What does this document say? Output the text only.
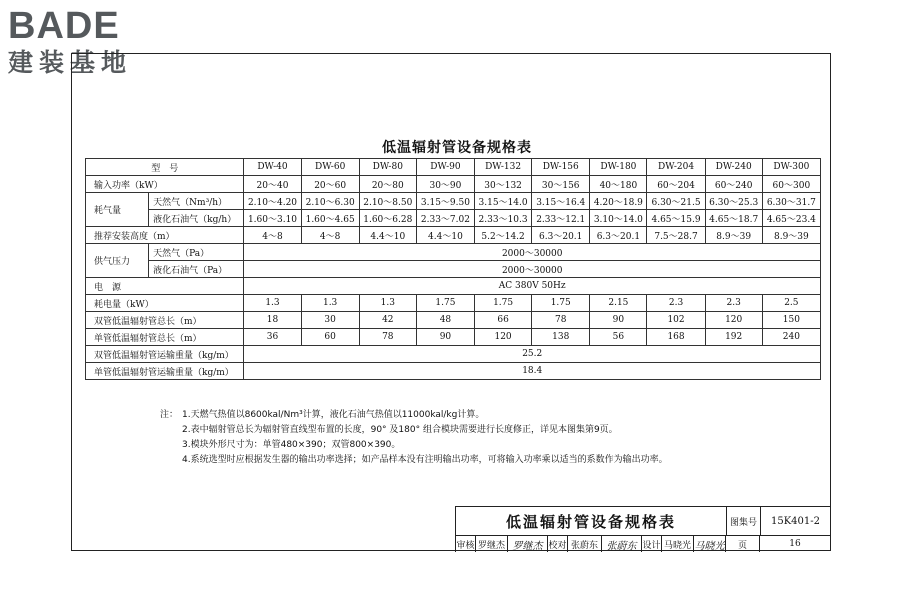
BADE
建装基地
低温辐射管设备规格表
型　号		DW-40	DW-60	DW-80	DW-90	DW-132	DW-156	DW-180	DW-204	DW-240	DW-300
输入功率（kW）		20～40	20～60	20～80	30～90	30～132	30～156	40～180	60～204	60～240	60～300
耗气量	天然气（Nm³/h）	2.10～4.20	2.10～6.30	2.10～8.50	3.15～9.50	3.15～14.0	3.15～16.4	4.20～18.9	6.30～21.5	6.30～25.3	6.30～31.7
	液化石油气（kg/h）	1.60～3.10	1.60～4.65	1.60～6.28	2.33～7.02	2.33～10.3	2.33～12.1	3.10～14.0	4.65～15.9	4.65～18.7	4.65～23.4
推荐安装高度（m）		4～8	4～8	4.4～10	4.4～10	5.2～14.2	6.3～20.1	6.3～20.1	7.5～28.7	8.9～39	8.9～39
供气压力	天然气（Pa）	2000～30000									
	液化石油气（Pa）	2000～30000									
电　源		AC 380V 50Hz									
耗电量（kW）		1.3	1.3	1.3	1.75	1.75	1.75	2.15	2.3	2.3	2.5
双管低温辐射管总长（m）		18	30	42	48	66	78	90	102	120	150
单管低温辐射管总长（m）		36	60	78	90	120	138	56	168	192	240
双管低温辐射管运输重量（kg/m）		25.2									
单管低温辐射管运输重量（kg/m）		18.4									
注： 1.天燃气热值以8600kal/Nm³计算，液化石油气热值以11000kal/kg计算。
2.表中辐射管总长为辐射管直线型布置的长度，90° 及180° 组合模块需要进行长度修正，详见本图集第9页。
3.模块外形尺寸为：单管480×390；双管800×390。
4.系统选型时应根据发生器的输出功率选择；如产品样本没有注明输出功率，可将输入功率乘以适当的系数作为输出功率。
低温辐射管设备规格表	图集号	15K401-2
审核 罗继杰 罗继杰 校对 张蔚东 张蔚东 设计 马晓光 马晓光	页	16
